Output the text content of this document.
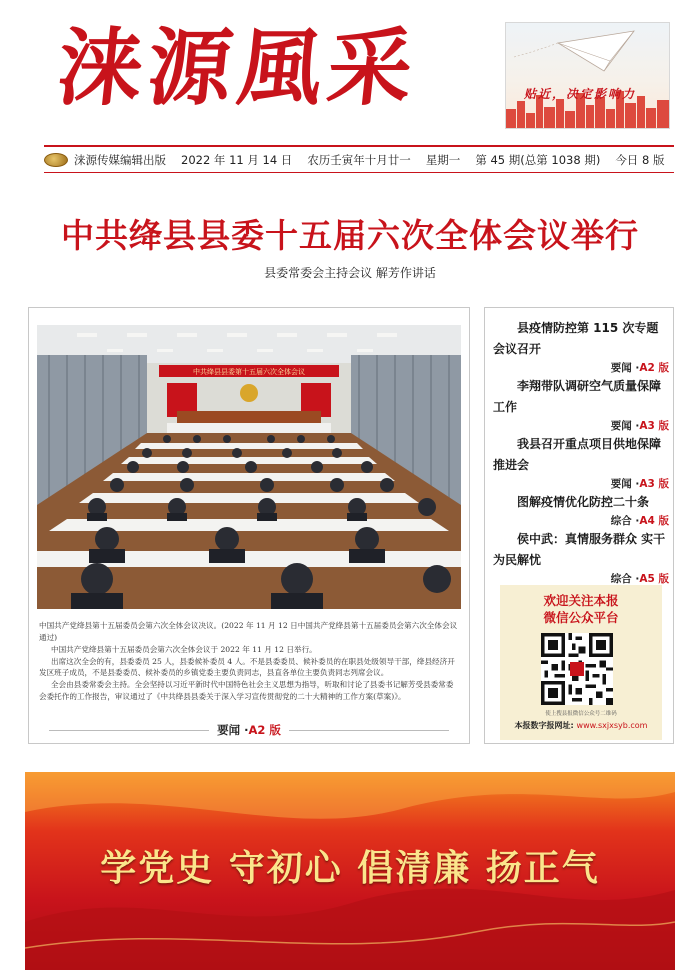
涞源風采	贴近，决定影响力
涞源传媒编辑出版 2022 年 11 月 14 日 农历壬寅年十月廿一 星期一 第 45 期(总第 1038 期) 今日 8 版
中共绛县县委十五届六次全体会议举行
县委常委会主持会议 解芳作讲话
中共绛县县委第十五届六次全体会议

中国共产党绛县第十五届委员会第六次全体会议决议。(2022 年 11 月 12 日中国共产党绛县第十五届委员会第六次全体会议通过)

中国共产党绛县第十五届委员会第六次全体会议于 2022 年 11 月 12 日举行。

出席这次全会的有，县委委员 25 人，县委候补委员 4 人。不是县委委员、候补委员的在职县处级领导干部，绛县经济开发区班子成员，不是县委委员、候补委员的乡镇党委主要负责同志，县直各单位主要负责同志列席会议。

全会由县委常委会主持。全会坚持以习近平新时代中国特色社会主义思想为指导，听取和讨论了县委书记解芳受县委常委会委托作的工作报告，审议通过了《中共绛县县委关于深入学习宣传贯彻党的二十大精神的工作方案(草案)》。

要闻 ·A2 版
县疫情防控第 115 次专题会议召开
要闻 ·A2 版
李翔带队调研空气质量保障工作
要闻 ·A3 版
我县召开重点项目供地保障推进会
要闻 ·A3 版
图解疫情优化防控二十条
综合 ·A4 版
侯中武：真情服务群众 实干为民解忧
综合 ·A5 版
欢迎关注本报
微信公众平台
使上搜县报微信公众号二维码
本报数字报网址: www.sxjxsyb.com
学党史 守初心 倡清廉 扬正气
